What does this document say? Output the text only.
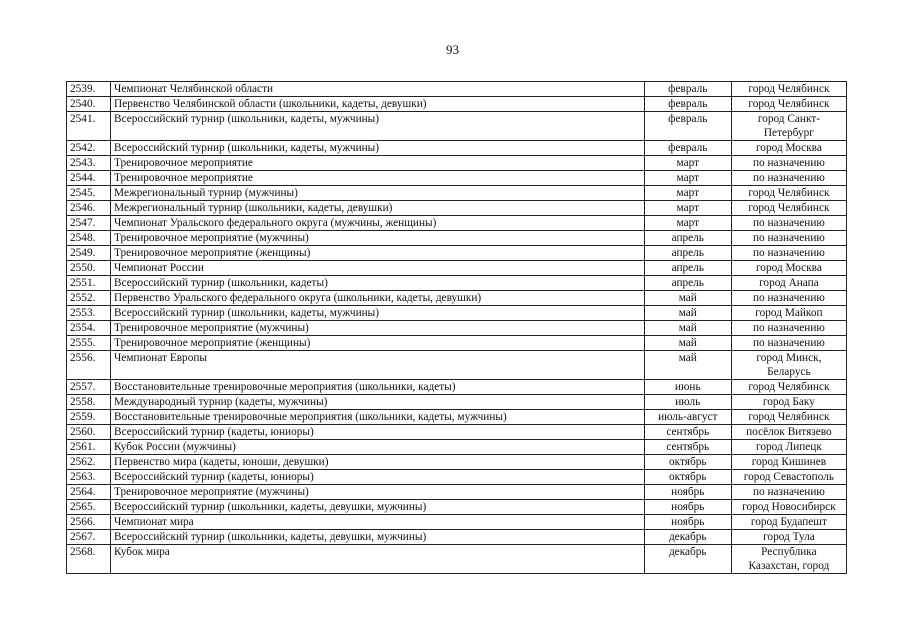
93
2539.	Чемпионат Челябинской области	февраль	город Челябинск
2540.	Первенство Челябинской области (школьники, кадеты, девушки)	февраль	город Челябинск
2541.	Всероссийский турнир (школьники, кадеты, мужчины)	февраль	город Санкт-Петербург
2542.	Всероссийский турнир (школьники, кадеты, мужчины)	февраль	город Москва
2543.	Тренировочное мероприятие	март	по назначению
2544.	Тренировочное мероприятие	март	по назначению
2545.	Межрегиональный турнир (мужчины)	март	город Челябинск
2546.	Межрегиональный турнир (школьники, кадеты, девушки)	март	город Челябинск
2547.	Чемпионат Уральского федерального округа (мужчины, женщины)	март	по назначению
2548.	Тренировочное мероприятие (мужчины)	апрель	по назначению
2549.	Тренировочное мероприятие (женщины)	апрель	по назначению
2550.	Чемпионат России	апрель	город Москва
2551.	Всероссийский турнир (школьники, кадеты)	апрель	город Анапа
2552.	Первенство Уральского федерального округа (школьники, кадеты, девушки)	май	по назначению
2553.	Всероссийский турнир (школьники, кадеты, мужчины)	май	город Майкоп
2554.	Тренировочное мероприятие (мужчины)	май	по назначению
2555.	Тренировочное мероприятие (женщины)	май	по назначению
2556.	Чемпионат Европы	май	город Минск, Беларусь
2557.	Восстановительные тренировочные мероприятия (школьники, кадеты)	июнь	город Челябинск
2558.	Международный турнир (кадеты, мужчины)	июль	город Баку
2559.	Восстановительные тренировочные мероприятия (школьники, кадеты, мужчины)	июль-август	город Челябинск
2560.	Всероссийский турнир (кадеты, юниоры)	сентябрь	посёлок Витязево
2561.	Кубок России (мужчины)	сентябрь	город Липецк
2562.	Первенство мира (кадеты, юноши, девушки)	октябрь	город Кишинев
2563.	Всероссийский турнир (кадеты, юниоры)	октябрь	город Севастополь
2564.	Тренировочное мероприятие (мужчины)	ноябрь	по назначению
2565.	Всероссийский турнир (школьники, кадеты, девушки, мужчины)	ноябрь	город Новосибирск
2566.	Чемпионат мира	ноябрь	город Будапешт
2567.	Всероссийский турнир (школьники, кадеты, девушки, мужчины)	декабрь	город Тула
2568.	Кубок мира	декабрь	Республика Казахстан, город
